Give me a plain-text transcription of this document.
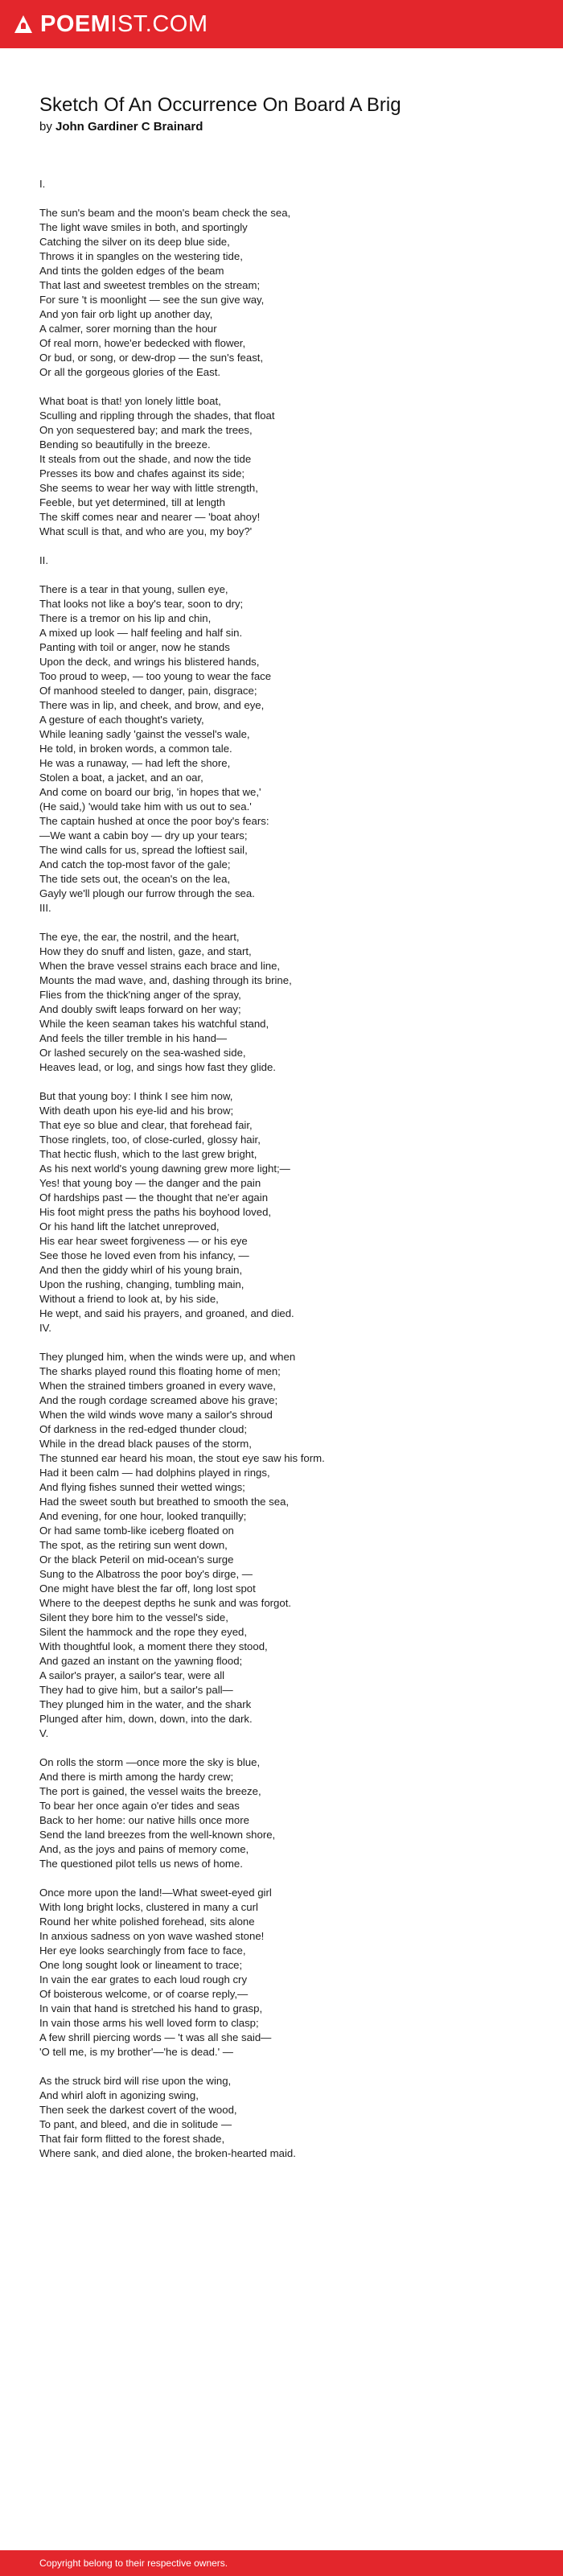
POEMIST.COM
Sketch Of An Occurrence On Board A Brig
by John Gardiner C Brainard
I.
The sun's beam and the moon's beam check the sea,
The light wave smiles in both, and sportingly
Catching the silver on its deep blue side,
Throws it in spangles on the westering tide,
And tints the golden edges of the beam
That last and sweetest trembles on the stream;
For sure 't is moonlight — see the sun give way,
And yon fair orb light up another day,
A calmer, sorer morning than the hour
Of real morn, howe'er bedecked with flower,
Or bud, or song, or dew-drop — the sun's feast,
Or all the gorgeous glories of the East.
What boat is that! yon lonely little boat,
Sculling and rippling through the shades, that float
On yon sequestered bay; and mark the trees,
Bending so beautifully in the breeze.
It steals from out the shade, and now the tide
Presses its bow and chafes against its side;
She seems to wear her way with little strength,
Feeble, but yet determined, till at length
The skiff comes near and nearer — 'boat ahoy!
What scull is that, and who are you, my boy?'
II.
There is a tear in that young, sullen eye,
That looks not like a boy's tear, soon to dry;
There is a tremor on his lip and chin,
A mixed up look — half feeling and half sin.
Panting with toil or anger, now he stands
Upon the deck, and wrings his blistered hands,
Too proud to weep, — too young to wear the face
Of manhood steeled to danger, pain, disgrace;
There was in lip, and cheek, and brow, and eye,
A gesture of each thought's variety,
While leaning sadly 'gainst the vessel's wale,
He told, in broken words, a common tale.
He was a runaway, — had left the shore,
Stolen a boat, a jacket, and an oar,
And come on board our brig, 'in hopes that we,'
(He said,) 'would take him with us out to sea.'
The captain hushed at once the poor boy's fears:
—We want a cabin boy — dry up your tears;
The wind calls for us, spread the loftiest sail,
And catch the top-most favor of the gale;
The tide sets out, the ocean's on the lea,
Gayly we'll plough our furrow through the sea.
III.
The eye, the ear, the nostril, and the heart,
How they do snuff and listen, gaze, and start,
When the brave vessel strains each brace and line,
Mounts the mad wave, and, dashing through its brine,
Flies from the thick'ning anger of the spray,
And doubly swift leaps forward on her way;
While the keen seaman takes his watchful stand,
And feels the tiller tremble in his hand—
Or lashed securely on the sea-washed side,
Heaves lead, or log, and sings how fast they glide.
But that young boy: I think I see him now,
With death upon his eye-lid and his brow;
That eye so blue and clear, that forehead fair,
Those ringlets, too, of close-curled, glossy hair,
That hectic flush, which to the last grew bright,
As his next world's young dawning grew more light;—
Yes! that young boy — the danger and the pain
Of hardships past — the thought that ne'er again
His foot might press the paths his boyhood loved,
Or his hand lift the latchet unreproved,
His ear hear sweet forgiveness — or his eye
See those he loved even from his infancy, —
And then the giddy whirl of his young brain,
Upon the rushing, changing, tumbling main,
Without a friend to look at, by his side,
He wept, and said his prayers, and groaned, and died.
IV.
They plunged him, when the winds were up, and when
The sharks played round this floating home of men;
When the strained timbers groaned in every wave,
And the rough cordage screamed above his grave;
When the wild winds wove many a sailor's shroud
Of darkness in the red-edged thunder cloud;
While in the dread black pauses of the storm,
The stunned ear heard his moan, the stout eye saw his form.
Had it been calm — had dolphins played in rings,
And flying fishes sunned their wetted wings;
Had the sweet south but breathed to smooth the sea,
And evening, for one hour, looked tranquilly;
Or had same tomb-like iceberg floated on
The spot, as the retiring sun went down,
Or the black Peteril on mid-ocean's surge
Sung to the Albatross the poor boy's dirge, —
One might have blest the far off, long lost spot
Where to the deepest depths he sunk and was forgot.
Silent they bore him to the vessel's side,
Silent the hammock and the rope they eyed,
With thoughtful look, a moment there they stood,
And gazed an instant on the yawning flood;
A sailor's prayer, a sailor's tear, were all
They had to give him, but a sailor's pall—
They plunged him in the water, and the shark
Plunged after him, down, down, into the dark.
V.
On rolls the storm —once more the sky is blue,
And there is mirth among the hardy crew;
The port is gained, the vessel waits the breeze,
To bear her once again o'er tides and seas
Back to her home: our native hills once more
Send the land breezes from the well-known shore,
And, as the joys and pains of memory come,
The questioned pilot tells us news of home.
Once more upon the land!—What sweet-eyed girl
With long bright locks, clustered in many a curl
Round her white polished forehead, sits alone
In anxious sadness on yon wave washed stone!
Her eye looks searchingly from face to face,
One long sought look or lineament to trace;
In vain the ear grates to each loud rough cry
Of boisterous welcome, or of coarse reply,—
In vain that hand is stretched his hand to grasp,
In vain those arms his well loved form to clasp;
A few shrill piercing words — 't was all she said—
'O tell me, is my brother'—'he is dead.' —
As the struck bird will rise upon the wing,
And whirl aloft in agonizing swing,
Then seek the darkest covert of the wood,
To pant, and bleed, and die in solitude —
That fair form flitted to the forest shade,
Where sank, and died alone, the broken-hearted maid.
Copyright belong to their respective owners.
